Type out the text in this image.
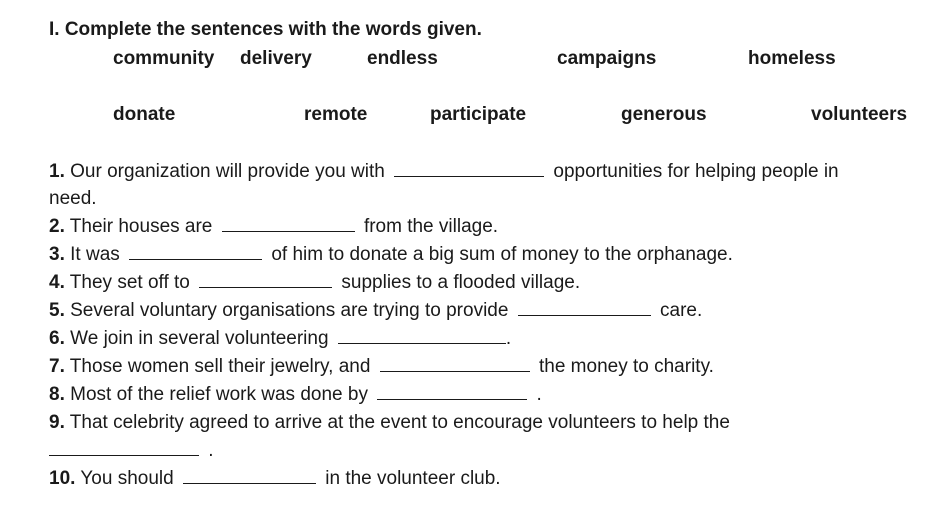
I. Complete the sentences with the words given.
community delivery	endless	campaigns	homeless
donate	remote	participate	generous	volunteers
1. Our organization will provide you with	opportunities for helping people in
need.
2. Their houses are	from the village.
3. It was	of him to donate a big sum of money to the orphanage.
4. They set off to	supplies to a flooded village.
5. Several voluntary organisations are trying to provide	care.
6. We join in several volunteering	.
7. Those women sell their jewelry, and	the money to charity.
8. Most of the relief work was done by	.
9. That celebrity agreed to arrive at the event to encourage volunteers to help the
.
10. You should	in the volunteer club.
